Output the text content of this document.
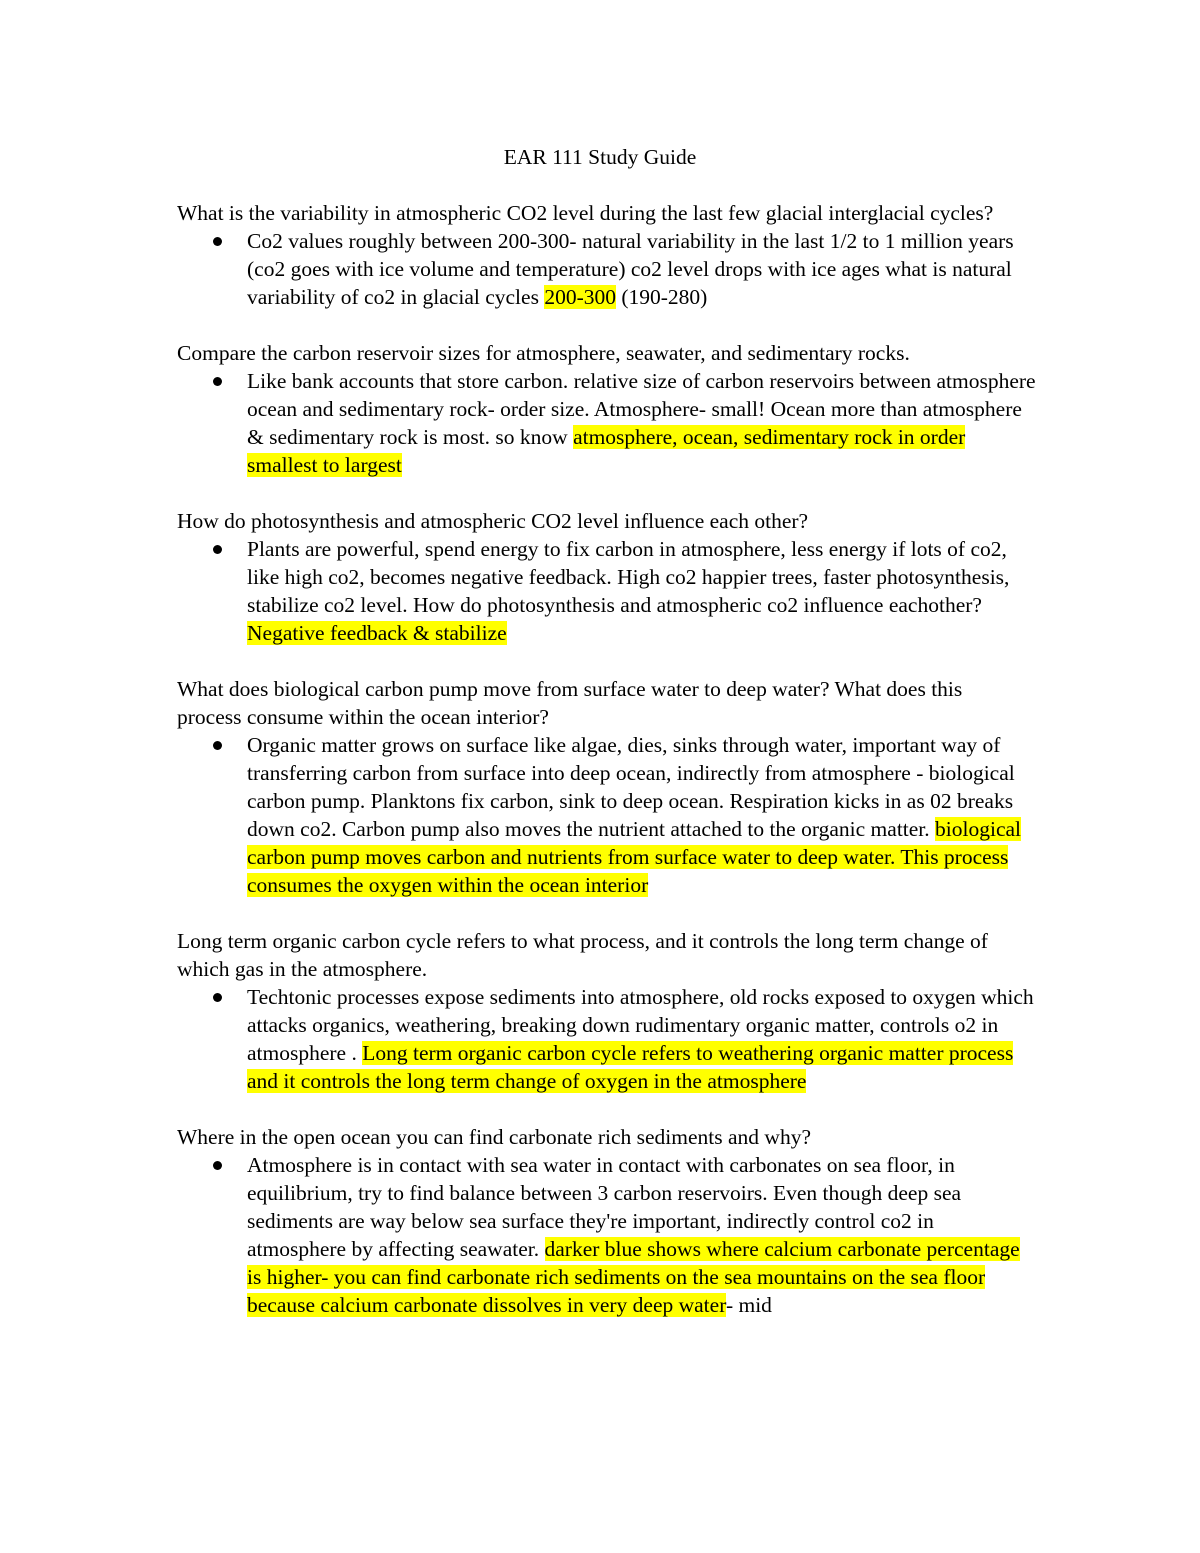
EAR 111 Study Guide

What is the variability in atmospheric CO2 level during the last few glacial interglacial cycles?

Co2 values roughly between 200-300- natural variability in the last 1/2 to 1 million years (co2 goes with ice volume and temperature) co2 level drops with ice ages what is natural variability of co2 in glacial cycles 200-300 (190-280)

Compare the carbon reservoir sizes for atmosphere, seawater, and sedimentary rocks.

Like bank accounts that store carbon. relative size of carbon reservoirs between atmosphere ocean and sedimentary rock- order size. Atmosphere- small! Ocean more than atmosphere & sedimentary rock is most. so know atmosphere, ocean, sedimentary rock in order smallest to largest

How do photosynthesis and atmospheric CO2 level influence each other?

Plants are powerful, spend energy to fix carbon in atmosphere, less energy if lots of co2, like high co2, becomes negative feedback. High co2 happier trees, faster photosynthesis, stabilize co2 level. How do photosynthesis and atmospheric co2 influence eachother? Negative feedback & stabilize

What does biological carbon pump move from surface water to deep water? What does this process consume within the ocean interior?

Organic matter grows on surface like algae, dies, sinks through water, important way of transferring carbon from surface into deep ocean, indirectly from atmosphere - biological carbon pump. Planktons fix carbon, sink to deep ocean. Respiration kicks in as 02 breaks down co2. Carbon pump also moves the nutrient attached to the organic matter. biological carbon pump moves carbon and nutrients from surface water to deep water. This process consumes the oxygen within the ocean interior

Long term organic carbon cycle refers to what process, and it controls the long term change of which gas in the atmosphere.

Techtonic processes expose sediments into atmosphere, old rocks exposed to oxygen which attacks organics, weathering, breaking down rudimentary organic matter, controls o2 in atmosphere . Long term organic carbon cycle refers to weathering organic matter process and it controls the long term change of oxygen in the atmosphere

Where in the open ocean you can find carbonate rich sediments and why?

Atmosphere is in contact with sea water in contact with carbonates on sea floor, in equilibrium, try to find balance between 3 carbon reservoirs. Even though deep sea sediments are way below sea surface they're important, indirectly control co2 in atmosphere by affecting seawater. darker blue shows where calcium carbonate percentage is higher- you can find carbonate rich sediments on the sea mountains on the sea floor because calcium carbonate dissolves in very deep water- mid
